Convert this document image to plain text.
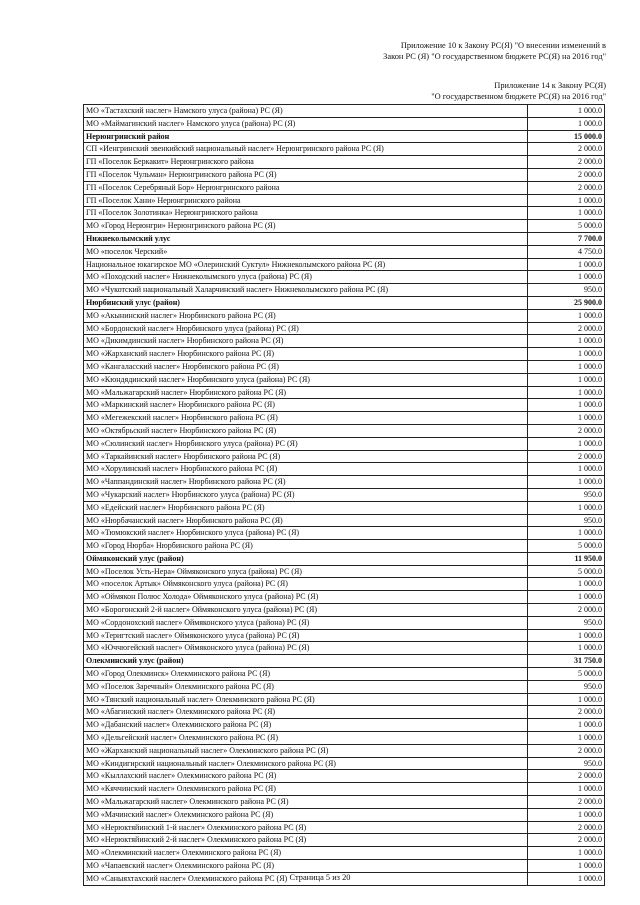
Приложение 10 к Закону РС(Я) "О внесении изменений в
Закон РС (Я) "О государственном бюджете РС(Я) на 2016 год"
Приложение 14 к Закону РС(Я)
"О государственном бюджете РС(Я) на 2016 год"
МО «Тастахский наслег» Намского улуса (района) РС (Я)	1 000.0
МО «Маймагинский наслег» Намского улуса (района) РС (Я)	1 000.0
Нерюнгринский район	15 000.0
СП «Иенгринский эвенкийский национальный наслег» Нерюнгринского района РС (Я)	2 000.0
ГП «Поселок Беркакит» Нерюнгринского района	2 000.0
ГП «Поселок Чульман» Нерюнгринского района РС (Я)	2 000.0
ГП «Поселок Серебряный Бор» Нерюнгринского района	2 000.0
ГП «Поселок Хани» Нерюнгринского района	1 000.0
ГП «Поселок Золотинка» Нерюнгринского района	1 000.0
МО «Город Нерюнгри» Нерюнгринского района РС (Я)	5 000.0
Нижнеколымский улус	7 700.0
МО «поселок Черский»	4 750.0
Национальное юкагирское МО «Олеринский Суктул» Нижнеколымского района РС (Я)	1 000.0
МО «Походский наслег» Нижнеколымского улуса (района) РС (Я)	1 000.0
МО «Чукотский национальный Халарчинский наслег» Нижнеколымского района РС (Я)	950.0
Нюрбинский улус (район)	25 900.0
МО «Акынинский наслег» Нюрбинского района РС (Я)	1 000.0
МО «Бордонский наслег» Нюрбинского улуса (района) РС (Я)	2 000.0
МО «Дикимдинский наслег» Нюрбинского района РС (Я)	1 000.0
МО «Жарханский наслег» Нюрбинского района РС (Я)	1 000.0
МО «Кангаласский наслег» Нюрбинского района РС (Я)	1 000.0
МО «Кюндядинский наслег» Нюрбинского улуса (района) РС (Я)	1 000.0
МО «Мальжагарский наслег» Нюрбинского района РС (Я)	1 000.0
МО «Маркинский наслег» Нюрбинского района РС (Я)	1 000.0
МО «Мегежекский наслег» Нюрбинского района РС (Я)	1 000.0
МО «Октябрьский наслег» Нюрбинского района РС (Я)	2 000.0
МО «Сюлинский наслег» Нюрбинского улуса (района) РС (Я)	1 000.0
МО «Таркайинский наслег» Нюрбинского района РС (Я)	2 000.0
МО «Хорулинский наслег» Нюрбинского района РС (Я)	1 000.0
МО «Чаппандинский наслег» Нюрбинского района РС (Я)	1 000.0
МО «Чукарский наслег» Нюрбинского улуса (района) РС (Я)	950.0
МО «Едейский наслег» Нюрбинского района РС (Я)	1 000.0
МО «Нюрбачанский наслег» Нюрбинского района РС (Я)	950.0
МО «Тюмюкский наслег» Нюрбинского улуса (района) РС (Я)	1 000.0
МО «Город Нюрба» Нюрбинского района РС (Я)	5 000.0
Оймяконский улус (район)	11 950.0
МО «Поселок Усть-Нера» Оймяконского улуса (района) РС (Я)	5 000.0
МО «поселок Артык» Оймяконского улуса (района) РС (Я)	1 000.0
МО «Оймякон Полюс Холода» Оймяконского улуса (района) РС (Я)	1 000.0
МО «Борогонский 2-й наслег» Оймяконского улуса (района) РС (Я)	2 000.0
МО «Сордонохский наслег» Оймяконского улуса (района) РС (Я)	950.0
МО «Теригтский наслег» Оймяконского улуса (района) РС (Я)	1 000.0
МО «Юччюгейский наслег» Оймяконского улуса (района) РС (Я)	1 000.0
Олекминский улус (район)	31 750.0
МО «Город Олекминск» Олекминского района РС (Я)	5 000.0
МО «Поселок Заречный» Олекминского района РС (Я)	950.0
МО «Тянский национальный наслег» Олекминского района РС (Я)	1 000.0
МО «Абагинский наслег» Олекминского района РС (Я)	2 000.0
МО «Дабанский наслег» Олекминского района РС (Я)	1 000.0
МО «Дельгейский наслег» Олекминского района РС (Я)	1 000.0
МО «Жарханский национальный наслег» Олекминского района РС (Я)	2 000.0
МО «Киндигирский национальный наслег» Олекминского района РС (Я)	950.0
МО «Кыллахский наслег» Олекминского района РС (Я)	2 000.0
МО «Кяччинский наслег» Олекминского района РС (Я)	1 000.0
МО «Мальжагарский наслег» Олекминского района РС (Я)	2 000.0
МО «Мачинский наслег» Олекминского района РС (Я)	1 000.0
МО «Нерюктяйинский 1-й наслег» Олекминского района РС (Я)	2 000.0
МО «Нерюктяйинский 2-й наслег» Олекминского района РС (Я)	2 000.0
МО «Олекминский наслег» Олекминского района РС (Я)	1 000.0
МО «Чапаевский наслег» Олекминского района РС (Я)	1 000.0
МО «Саныяхтахский наслег» Олекминского района РС (Я)	1 000.0
Страница 5 из 20
